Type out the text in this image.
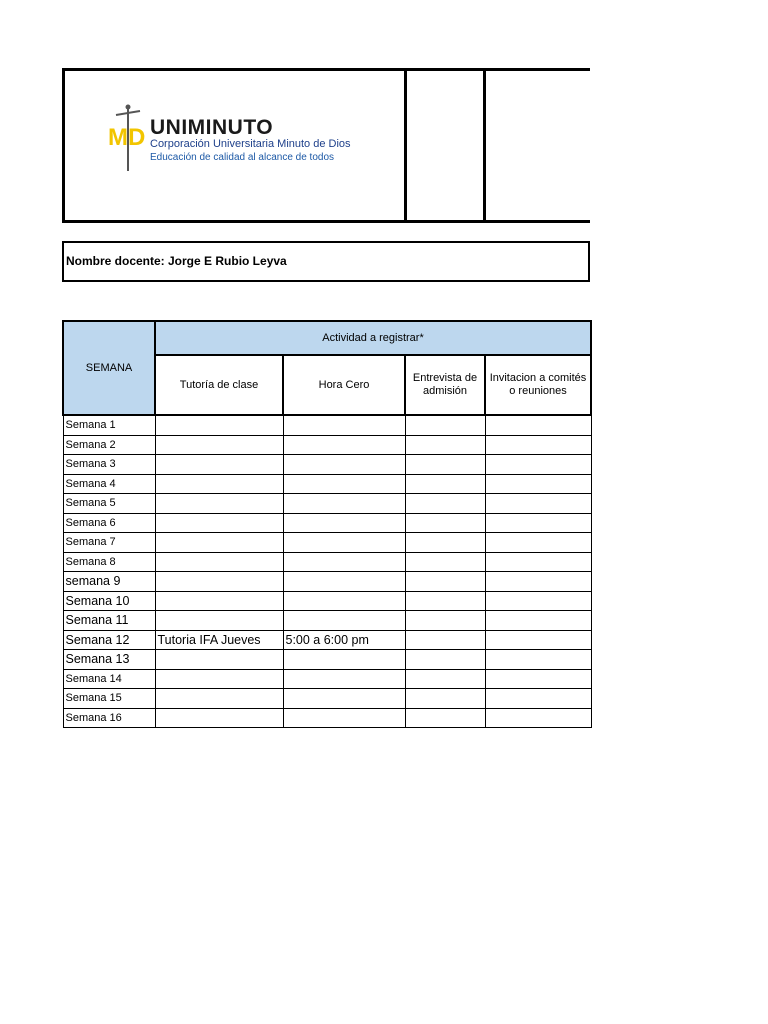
MD UNIMINUTO
Corporación Universitaria Minuto de Dios
Educación de calidad al alcance de todos
Nombre docente: Jorge E Rubio Leyva
SEMANA	Actividad a registrar*			
	Tutoría de clase	Hora Cero	Entrevista de admisión	Invitacion a comités o reuniones
Semana 1				
Semana 2				
Semana 3				
Semana 4				
Semana 5				
Semana 6				
Semana 7				
Semana 8				
semana 9				
Semana 10				
Semana 11				
Semana 12	Tutoria IFA Jueves	5:00 a 6:00 pm		
Semana 13				
Semana 14				
Semana 15				
Semana 16				
